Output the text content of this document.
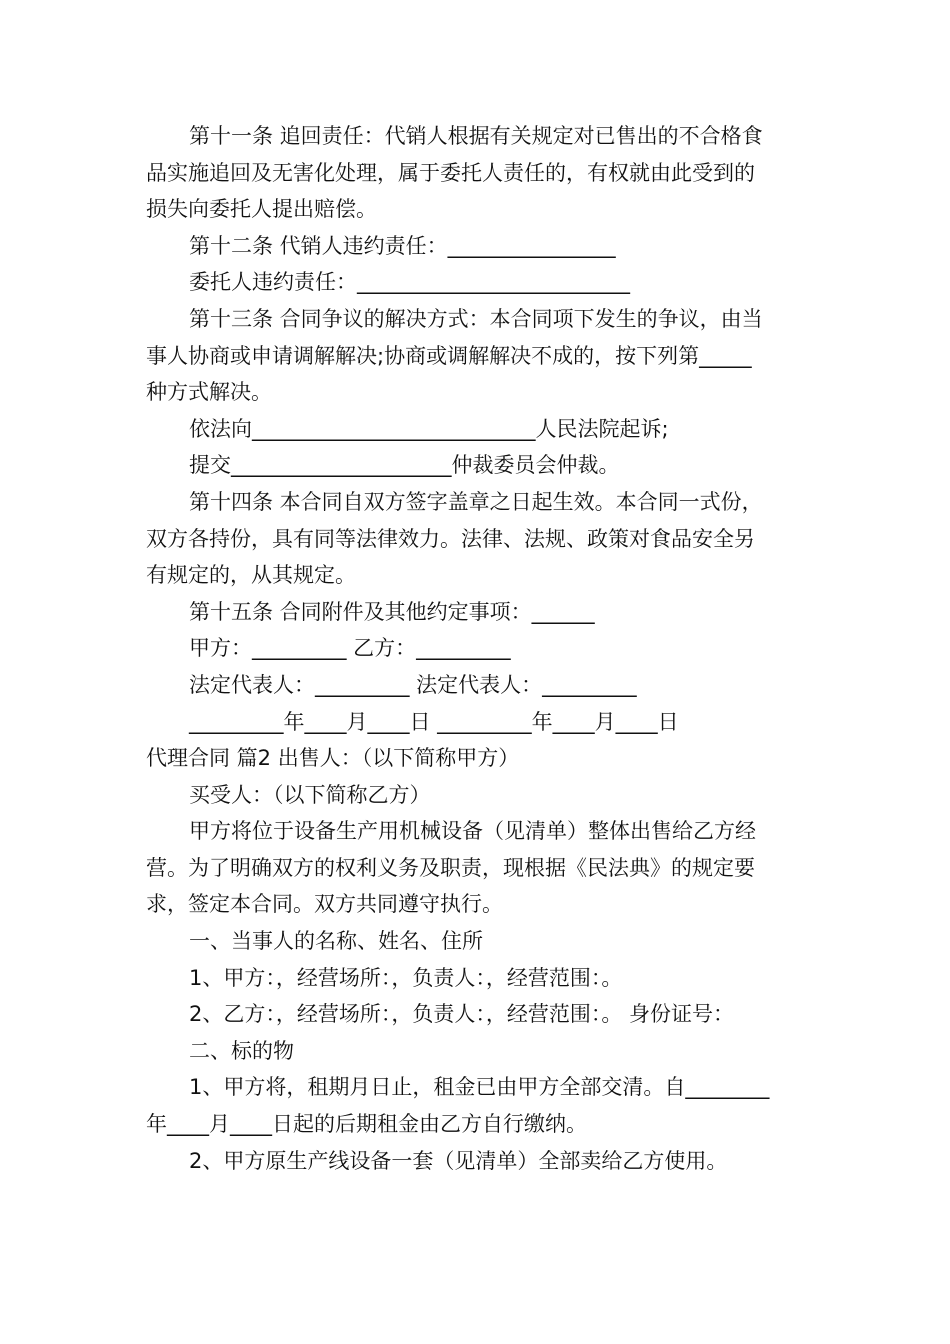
第十一条 追回责任：代销人根据有关规定对已售出的不合格食
品实施追回及无害化处理，属于委托人责任的，有权就由此受到的
损失向委托人提出赔偿。
第十二条 代销人违约责任：________________
委托人违约责任：__________________________
第十三条 合同争议的解决方式：本合同项下发生的争议，由当
事人协商或申请调解解决;协商或调解解决不成的，按下列第_____
种方式解决。
依法向___________________________人民法院起诉;
提交_____________________仲裁委员会仲裁。
第十四条 本合同自双方签字盖章之日起生效。本合同一式份，
双方各持份，具有同等法律效力。法律、法规、政策对食品安全另
有规定的，从其规定。
第十五条 合同附件及其他约定事项：______
甲方：_________ 乙方：_________
法定代表人：_________ 法定代表人：_________
_________年____月____日 _________年____月____日
代理合同 篇2 出售人：（以下简称甲方）
买受人：（以下简称乙方）
甲方将位于设备生产用机械设备（见清单）整体出售给乙方经
营。为了明确双方的权利义务及职责，现根据《民法典》的规定要
求，签定本合同。双方共同遵守执行。
一、当事人的名称、姓名、住所
1、甲方：，经营场所：，负责人：，经营范围：。
2、乙方：，经营场所：，负责人：，经营范围：。 身份证号：
二、标的物
1、甲方将，租期月日止，租金已由甲方全部交清。自________
年____月____日起的后期租金由乙方自行缴纳。
2、甲方原生产线设备一套（见清单）全部卖给乙方使用。
